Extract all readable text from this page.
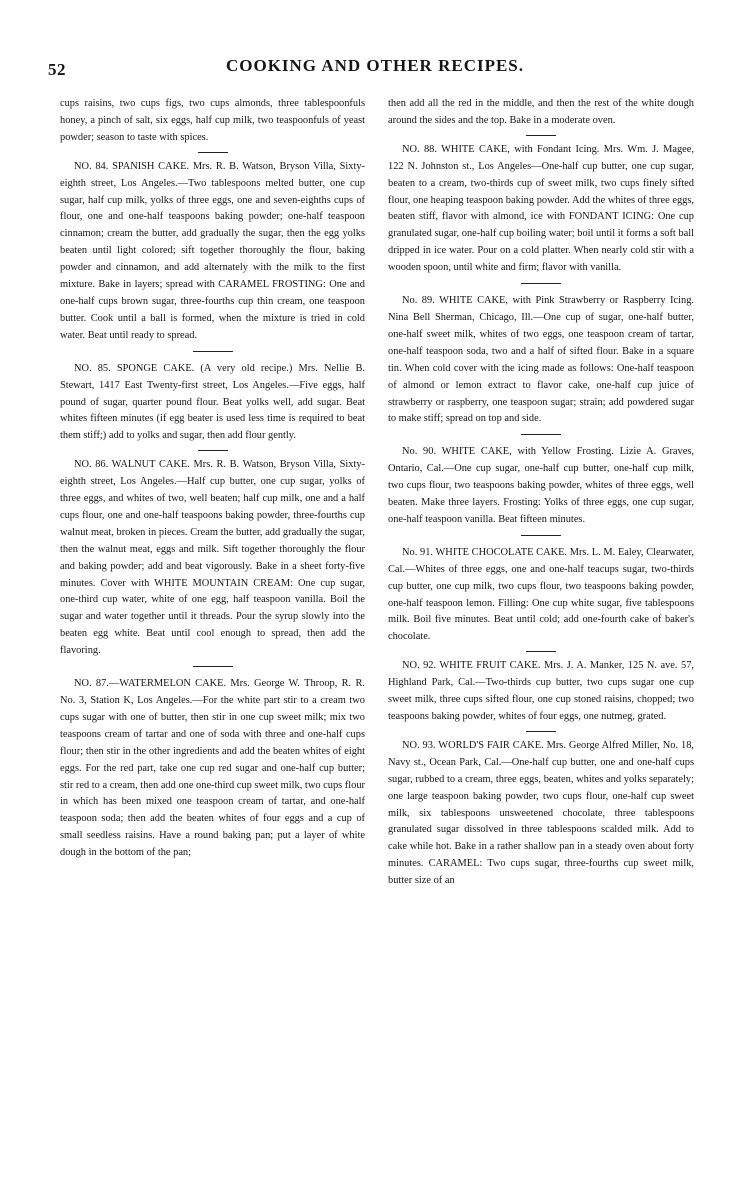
52	COOKING AND OTHER RECIPES.

cups raisins, two cups figs, two cups almonds, three tablespoonfuls honey, a pinch of salt, six eggs, half cup milk, two teaspoonfuls of yeast powder; season to taste with spices.

NO. 84. SPANISH CAKE. Mrs. R. B. Watson, Bryson Villa, Sixty-eighth street, Los Angeles.—Two tablespoons melted butter, one cup sugar, half cup milk, yolks of three eggs, one and seven-eighths cups of flour, one and one-half teaspoons baking powder; one-half teaspoon cinnamon; cream the butter, add gradually the sugar, then the egg yolks beaten until light colored; sift together thoroughly the flour, baking powder and cinnamon, and add alternately with the milk to the first mixture. Bake in layers; spread with CARAMEL FROSTING: One and one-half cups brown sugar, three-fourths cup thin cream, one teaspoon butter. Cook until a ball is formed, when the mixture is tried in cold water. Beat until ready to spread.

NO. 85. SPONGE CAKE. (A very old recipe.) Mrs. Nellie B. Stewart, 1417 East Twenty-first street, Los Angeles.—Five eggs, half pound of sugar, quarter pound flour. Beat yolks well, add sugar. Beat whites fifteen minutes (if egg beater is used less time is required to beat them stiff;) add to yolks and sugar, then add flour gently.

NO. 86. WALNUT CAKE. Mrs. R. B. Watson, Bryson Villa, Sixty-eighth street, Los Angeles.—Half cup butter, one cup sugar, yolks of three eggs, and whites of two, well beaten; half cup milk, one and a half cups flour, one and one-half teaspoons baking powder, three-fourths cup walnut meat, broken in pieces. Cream the butter, add gradually the sugar, then the walnut meat, eggs and milk. Sift together thoroughly the flour and baking powder; add and beat vigorously. Bake in a sheet forty-five minutes. Cover with WHITE MOUNTAIN CREAM: One cup sugar, one-third cup water, white of one egg, half teaspoon vanilla. Boil the sugar and water together until it threads. Pour the syrup slowly into the beaten egg white. Beat until cool enough to spread, then add the flavoring.

NO. 87.—WATERMELON CAKE. Mrs. George W. Throop, R. R. No. 3, Station K, Los Angeles.—For the white part stir to a cream two cups sugar with one of butter, then stir in one cup sweet milk; mix two teaspoons cream of tartar and one of soda with three and one-half cups flour; then stir in the other ingredients and add the beaten whites of eight eggs. For the red part, take one cup red sugar and one-half cup butter; stir red to a cream, then add one one-third cup sweet milk, two cups flour in which has been mixed one teaspoon cream of tartar, and one-half teaspoon soda; then add the beaten whites of four eggs and a cup of small seedless raisins. Have a round baking pan; put a layer of white dough in the bottom of the pan;

then add all the red in the middle, and then the rest of the white dough around the sides and the top. Bake in a moderate oven.

NO. 88. WHITE CAKE, with Fondant Icing. Mrs. Wm. J. Magee, 122 N. Johnston st., Los Angeles—One-half cup butter, one cup sugar, beaten to a cream, two-thirds cup of sweet milk, two cups finely sifted flour, one heaping teaspoon baking powder. Add the whites of three eggs, beaten stiff, flavor with almond, ice with FONDANT ICING: One cup granulated sugar, one-half cup boiling water; boil until it forms a soft ball dripped in ice water. Pour on a cold platter. When nearly cold stir with a wooden spoon, until white and firm; flavor with vanilla.

No. 89. WHITE CAKE, with Pink Strawberry or Raspberry Icing. Nina Bell Sherman, Chicago, Ill.—One cup of sugar, one-half butter, one-half sweet milk, whites of two eggs, one teaspoon cream of tartar, one-half teaspoon soda, two and a half of sifted flour. Bake in a square tin. When cold cover with the icing made as follows: One-half teaspoon of almond or lemon extract to flavor cake, one-half cup juice of strawberry or raspberry, one teaspoon sugar; strain; add powdered sugar to make stiff; spread on top and side.

No. 90. WHITE CAKE, with Yellow Frosting. Lizie A. Graves, Ontario, Cal.—One cup sugar, one-half cup butter, one-half cup milk, two cups flour, two teaspoons baking powder, whites of three eggs, well beaten. Make three layers. Frosting: Yolks of three eggs, one cup sugar, one-half teaspoon vanilla. Beat fifteen minutes.

No. 91. WHITE CHOCOLATE CAKE. Mrs. L. M. Ealey, Clearwater, Cal.—Whites of three eggs, one and one-half teacups sugar, two-thirds cup butter, one cup milk, two cups flour, two teaspoons baking powder, one-half teaspoon lemon. Filling: One cup white sugar, five tablespoons milk. Boil five minutes. Beat until cold; add one-fourth cake of baker's chocolate.

NO. 92. WHITE FRUIT CAKE. Mrs. J. A. Manker, 125 N. ave. 57, Highland Park, Cal.—Two-thirds cup butter, two cups sugar one cup sweet milk, three cups sifted flour, one cup stoned raisins, chopped; two teaspoons baking powder, whites of four eggs, one nutmeg, grated.

NO. 93. WORLD'S FAIR CAKE. Mrs. George Alfred Miller, No. 18, Navy st., Ocean Park, Cal.—One-half cup butter, one and one-half cups sugar, rubbed to a cream, three eggs, beaten, whites and yolks separately; one large teaspoon baking powder, two cups flour, one-half cup sweet milk, six tablespoons unsweetened chocolate, three tablespoons granulated sugar dissolved in three tablespoons scalded milk. Add to cake while hot. Bake in a rather shallow pan in a steady oven about forty minutes. CARAMEL: Two cups sugar, three-fourths cup sweet milk, butter size of an
